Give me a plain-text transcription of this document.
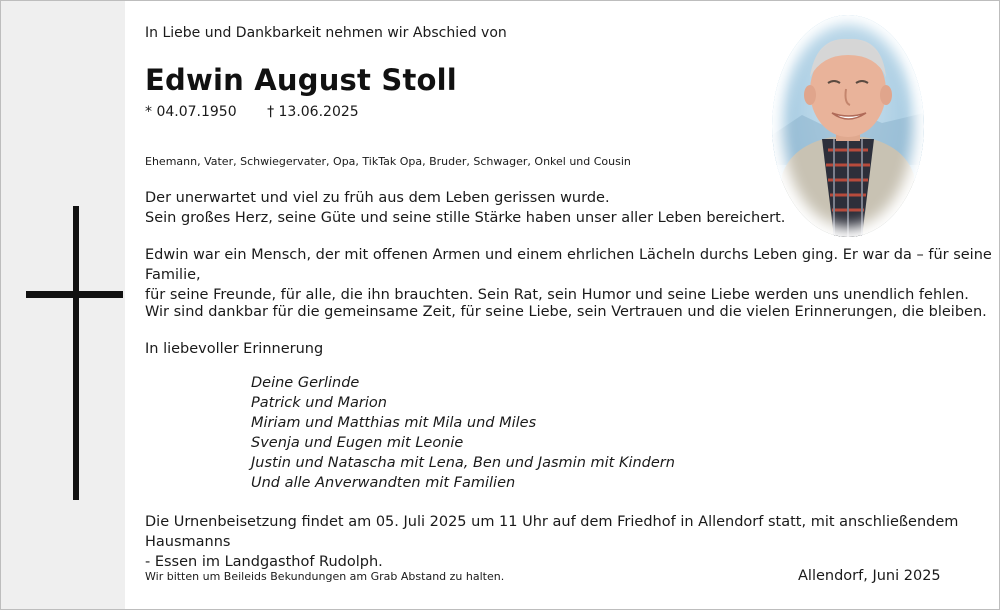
In Liebe und Dankbarkeit nehmen wir Abschied von
Edwin August Stoll
* 04.07.1950 † 13.06.2025
Ehemann, Vater, Schwiegervater, Opa, TikTak Opa, Bruder, Schwager, Onkel und Cousin
Der unerwartet und viel zu früh aus dem Leben gerissen wurde.
Sein großes Herz, seine Güte und seine stille Stärke haben unser aller Leben bereichert.
Edwin war ein Mensch, der mit offenen Armen und einem ehrlichen Lächeln durchs Leben ging. Er war da – für seine Familie,
für seine Freunde, für alle, die ihn brauchten. Sein Rat, sein Humor und seine Liebe werden uns unendlich fehlen.
Wir sind dankbar für die gemeinsame Zeit, für seine Liebe, sein Vertrauen und die vielen Erinnerungen, die bleiben.
In liebevoller Erinnerung
Deine Gerlinde
Patrick und Marion
Miriam und Matthias mit Mila und Miles
Svenja und Eugen mit Leonie
Justin und Natascha mit Lena, Ben und Jasmin mit Kindern
Und alle Anverwandten mit Familien
Die Urnenbeisetzung findet am 05. Juli 2025 um 11 Uhr auf dem Friedhof in Allendorf statt, mit anschließendem Hausmanns
- Essen im Landgasthof Rudolph.
Wir bitten um Beileids Bekundungen am Grab Abstand zu halten.	Allendorf, Juni 2025
